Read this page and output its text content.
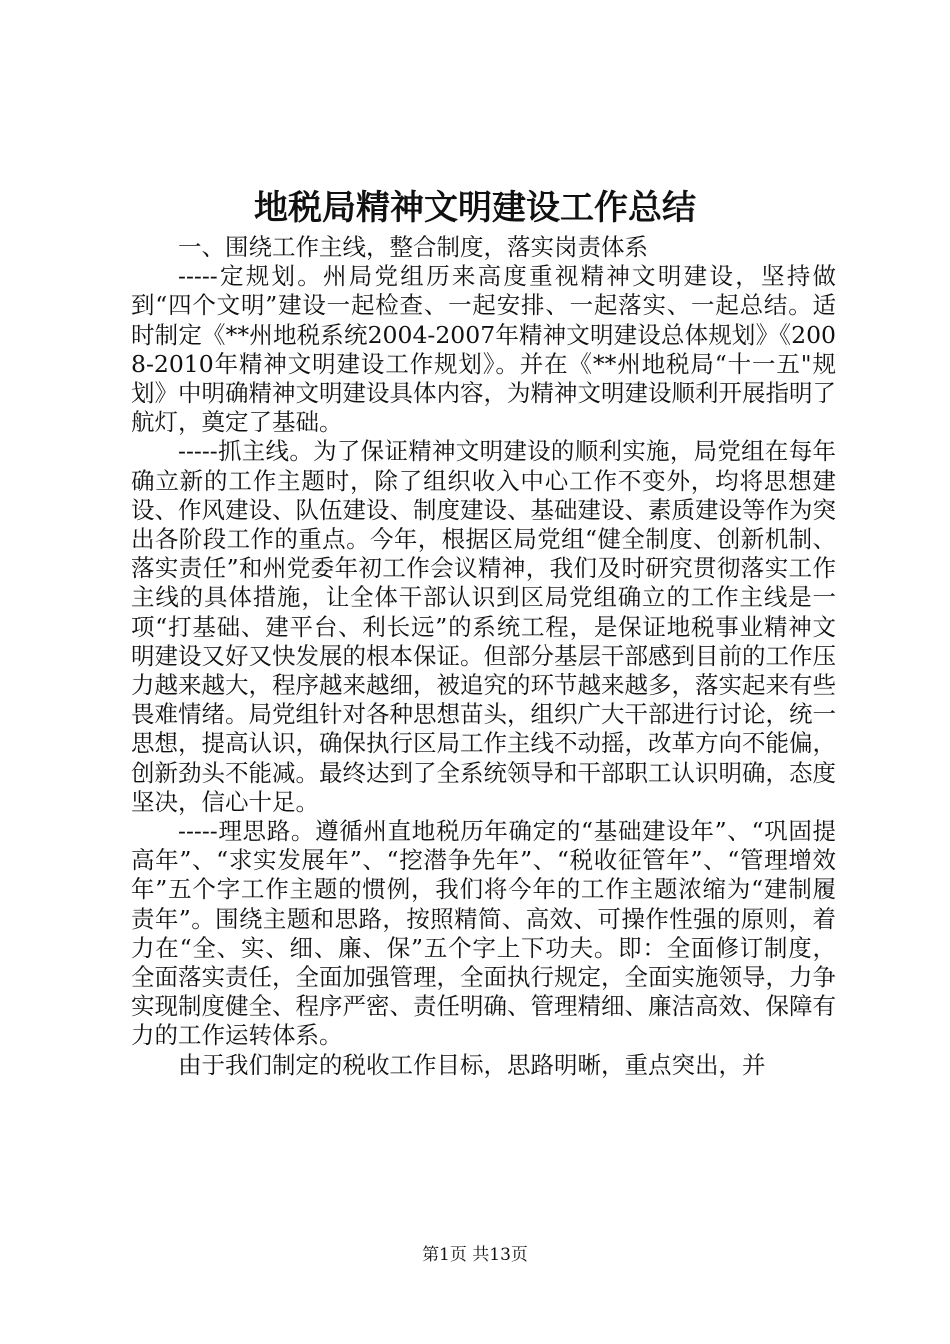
地税局精神文明建设工作总结

一、围绕工作主线，整合制度，落实岗责体系

-----定规划。州局党组历来高度重视精神文明建设，坚持做到“四个文明”建设一起检查、一起安排、一起落实、一起总结。适时制定《**州地税系统2004-2007年精神文明建设总体规划》《2008-2010年精神文明建设工作规划》。并在《**州地税局“十一五"规划》中明确精神文明建设具体内容，为精神文明建设顺利开展指明了航灯，奠定了基础。

-----抓主线。为了保证精神文明建设的顺利实施，局党组在每年确立新的工作主题时，除了组织收入中心工作不变外，均将思想建设、作风建设、队伍建设、制度建设、基础建设、素质建设等作为突出各阶段工作的重点。今年，根据区局党组“健全制度、创新机制、落实责任”和州党委年初工作会议精神，我们及时研究贯彻落实工作主线的具体措施，让全体干部认识到区局党组确立的工作主线是一项“打基础、建平台、利长远”的系统工程，是保证地税事业精神文明建设又好又快发展的根本保证。但部分基层干部感到目前的工作压力越来越大，程序越来越细，被追究的环节越来越多，落实起来有些畏难情绪。局党组针对各种思想苗头，组织广大干部进行讨论，统一思想，提高认识，确保执行区局工作主线不动摇，改革方向不能偏，创新劲头不能减。最终达到了全系统领导和干部职工认识明确，态度坚决，信心十足。

-----理思路。遵循州直地税历年确定的“基础建设年”、“巩固提高年”、“求实发展年”、“挖潜争先年”、“税收征管年”、“管理增效年”五个字工作主题的惯例，我们将今年的工作主题浓缩为“建制履责年”。围绕主题和思路，按照精简、高效、可操作性强的原则，着力在“全、实、细、廉、保”五个字上下功夫。即：全面修订制度，全面落实责任，全面加强管理，全面执行规定，全面实施领导，力争实现制度健全、程序严密、责任明确、管理精细、廉洁高效、保障有力的工作运转体系。

由于我们制定的税收工作目标，思路明晰，重点突出，并

第1页 共13页
